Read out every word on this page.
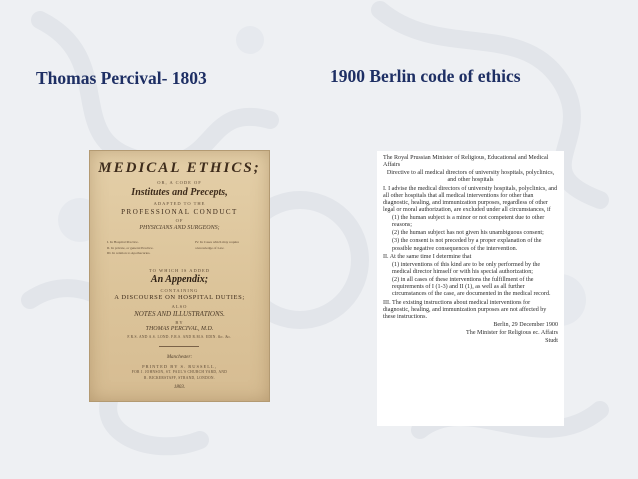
Thomas Percival- 1803	1900 Berlin code of ethics
MEDICAL ETHICS;
OR, A CODE OF
Institutes and Precepts,
ADAPTED TO THE
PROFESSIONAL CONDUCT
OF
PHYSICIANS AND SURGEONS;
I. In Hospital Practice.
II. In private, or general Practice.
III. In relation to Apothecaries.
IV. In Cases which may require
a knowledge of Law.
TO WHICH IS ADDED
An Appendix;
CONTAINING
A DISCOURSE ON HOSPITAL DUTIES;
ALSO
NOTES AND ILLUSTRATIONS.
BY
THOMAS PERCIVAL, M.D.
F.R.S. AND A.S. LOND. F.R.S. AND R.M.S. EDIN. &c. &c.
Manchester:
PRINTED BY S. RUSSELL,
FOR J. JOHNSON, ST. PAUL'S CHURCH YARD, AND
R. BICKERSTAFF, STRAND, LONDON.
1803.

The Royal Prussian Minister of Religious, Educational and Medical Affairs

Directive to all medical directors of university hospitals, polyclinics, and other hospitals

I. I advise the medical directors of university hospitals, polyclinics, and all other hospitals that all medical interventions for other than diagnostic, healing, and immunization purposes, regardless of other legal or moral authorization, are excluded under all circumstances, if

(1) the human subject is a minor or not competent due to other reasons;

(2) the human subject has not given his unambiguous consent;

(3) the consent is not preceded by a proper explanation of the possible negative consequences of the intervention.

II. At the same time I determine that

(1) interventions of this kind are to be only performed by the medical director himself or with his special authorization;

(2) in all cases of these interventions the fulfillment of the requirements of I (1-3) and II (1), as well as all further circumstances of the case, are documented in the medical record.

III. The existing instructions about medical interventions for diagnostic, healing, and immunization purposes are not affected by these instructions.

Berlin, 29 December 1900

The Minister for Religious ec. Affairs

Studt
